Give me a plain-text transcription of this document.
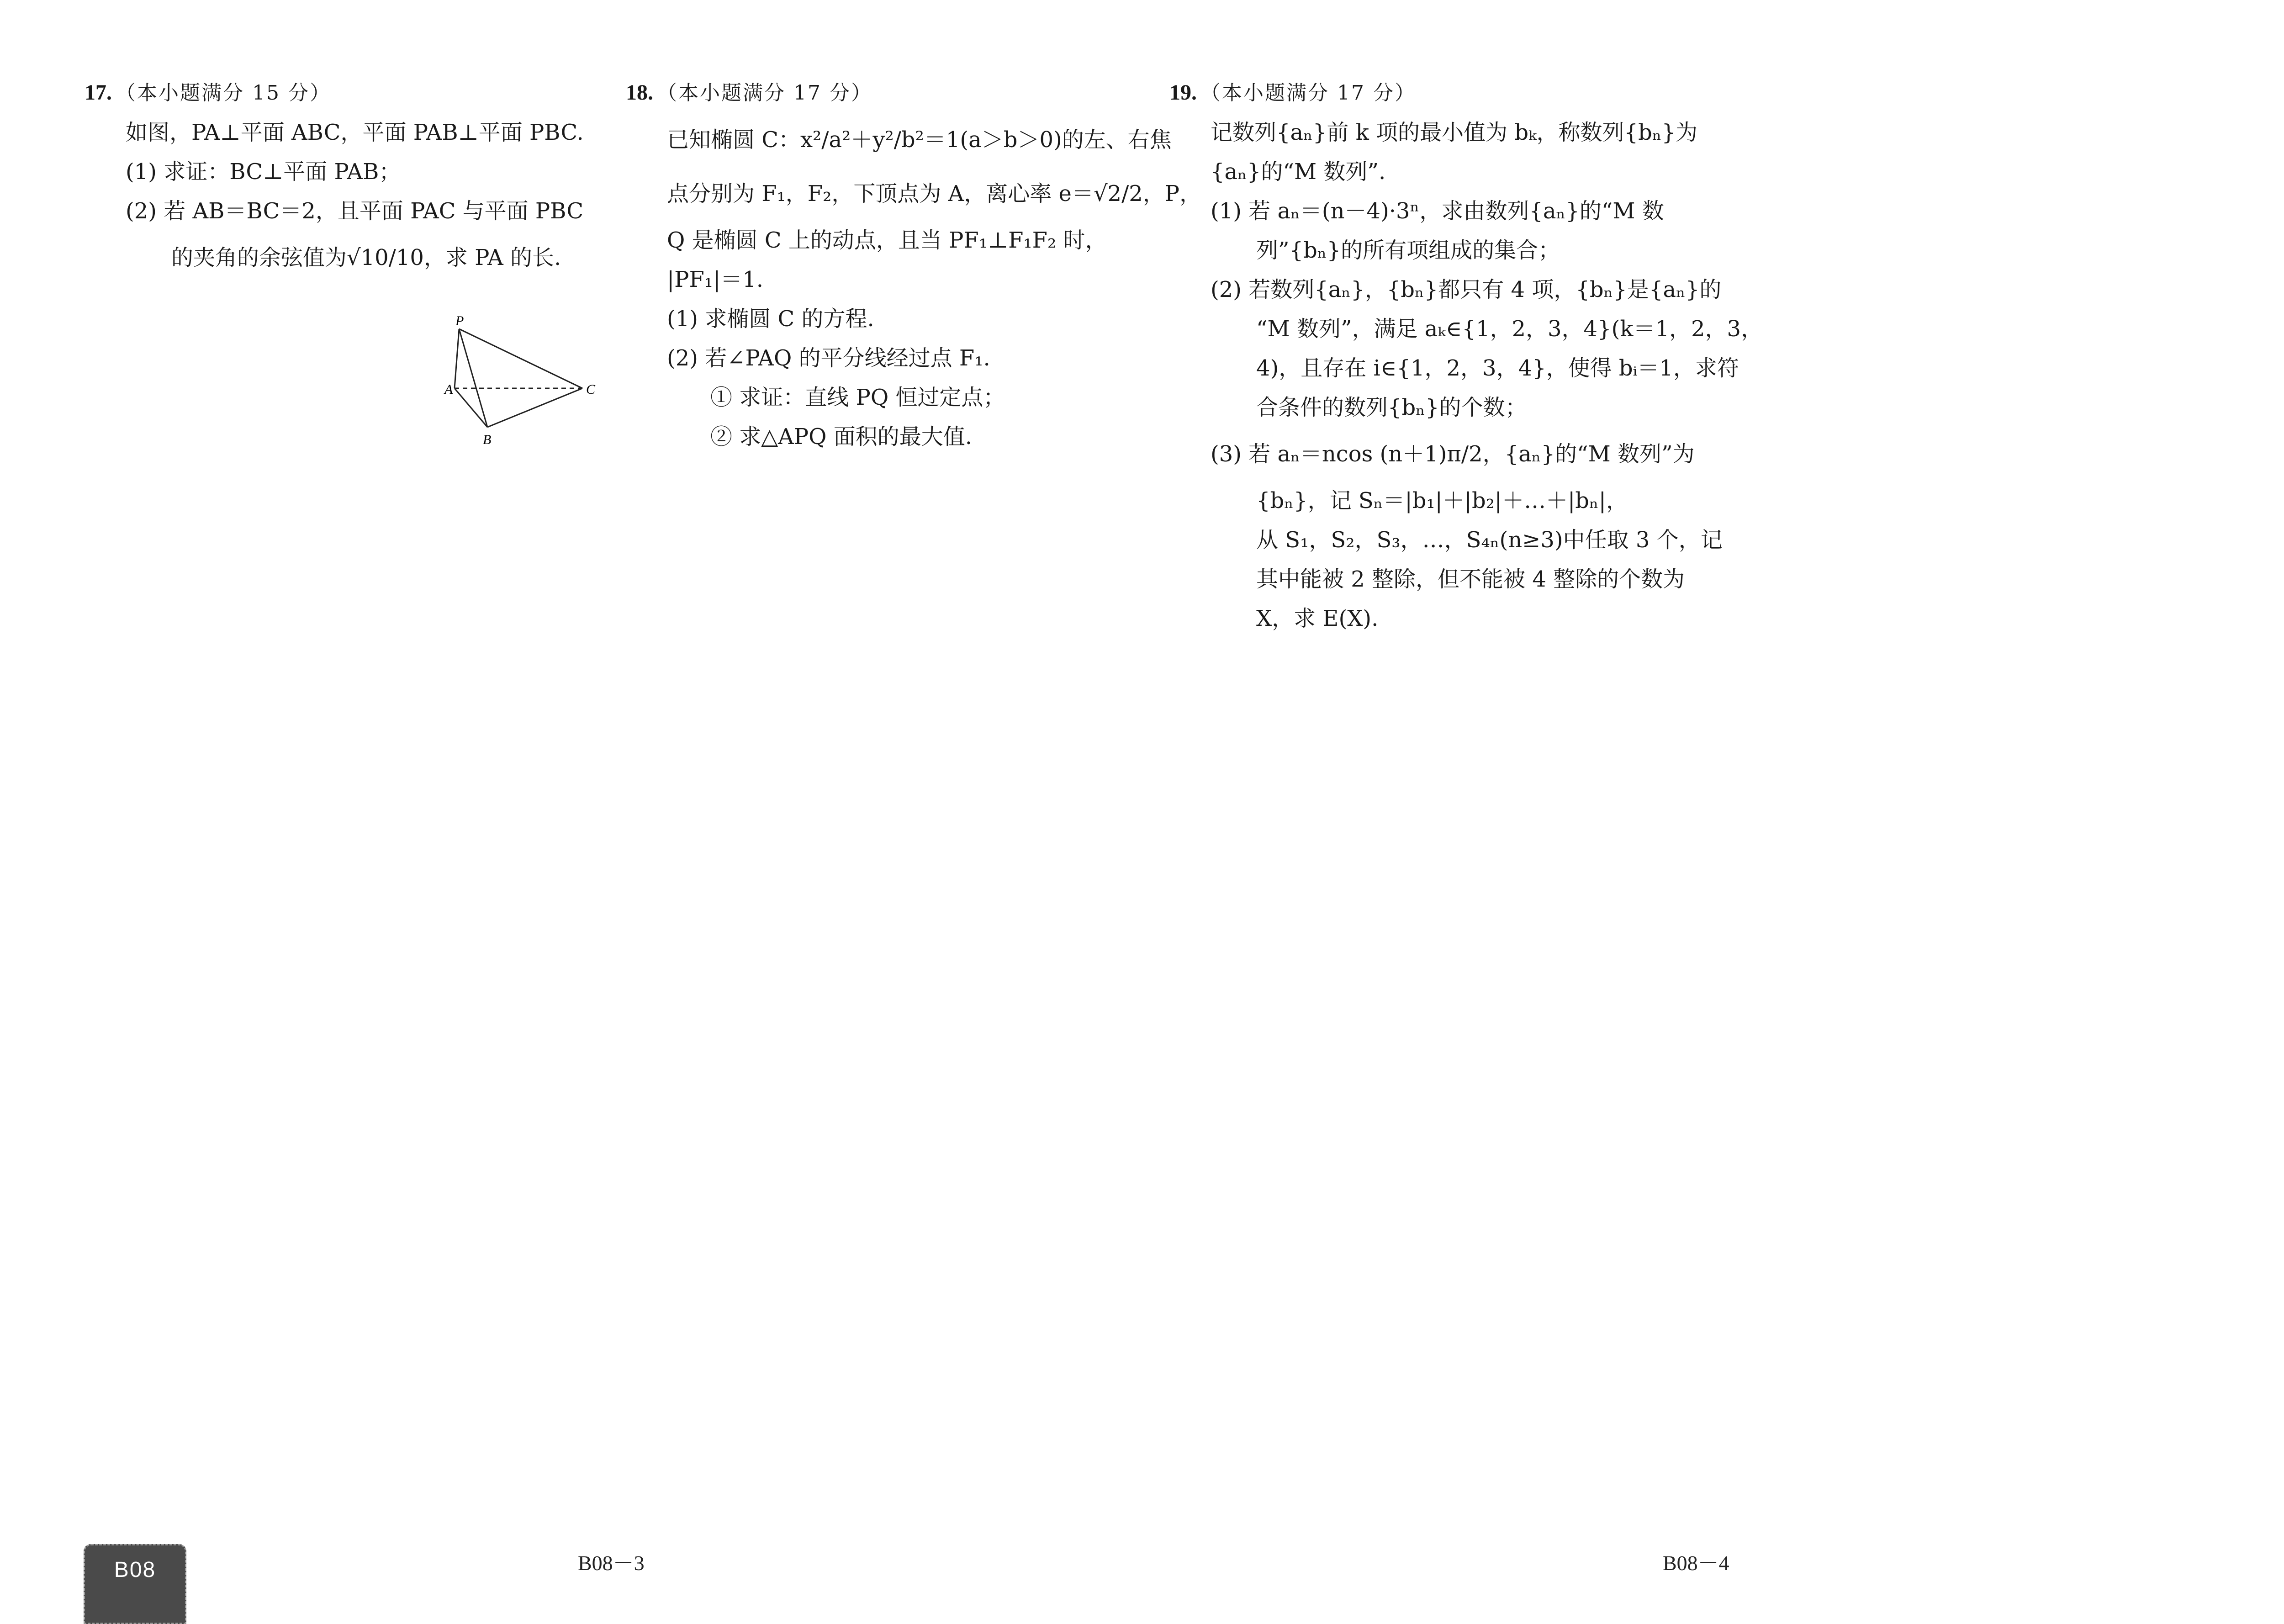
17. （本小题满分 15 分）
如图，PA⊥平面 ABC，平面 PAB⊥平面 PBC.
(1) 求证：BC⊥平面 PAB；
(2) 若 AB＝BC＝2，且平面 PAC 与平面 PBC
的夹角的余弦值为√10/10，求 PA 的长.
P
A
B
C
18. （本小题满分 17 分）
已知椭圆 C：x²/a²＋y²/b²＝1(a＞b＞0)的左、右焦
点分别为 F₁，F₂，下顶点为 A，离心率 e＝√2/2，P，
Q 是椭圆 C 上的动点，且当 PF₁⊥F₁F₂ 时，
|PF₁|＝1.
(1) 求椭圆 C 的方程.
(2) 若∠PAQ 的平分线经过点 F₁.
① 求证：直线 PQ 恒过定点；
② 求△APQ 面积的最大值.
19. （本小题满分 17 分）
记数列{aₙ}前 k 项的最小值为 bₖ，称数列{bₙ}为
{aₙ}的“M 数列”.
(1) 若 aₙ＝(n－4)·3ⁿ，求由数列{aₙ}的“M 数
列”{bₙ}的所有项组成的集合；
(2) 若数列{aₙ}，{bₙ}都只有 4 项，{bₙ}是{aₙ}的
“M 数列”，满足 aₖ∈{1，2，3，4}(k＝1，2，3，
4)，且存在 i∈{1，2，3，4}，使得 bᵢ＝1，求符
合条件的数列{bₙ}的个数；
(3) 若 aₙ＝ncos (n＋1)π/2，{aₙ}的“M 数列”为
{bₙ}，记 Sₙ＝|b₁|＋|b₂|＋…＋|bₙ|，
从 S₁，S₂，S₃，…，S₄ₙ(n≥3)中任取 3 个，记
其中能被 2 整除，但不能被 4 整除的个数为
X，求 E(X).
B08	B08－3	B08－4
